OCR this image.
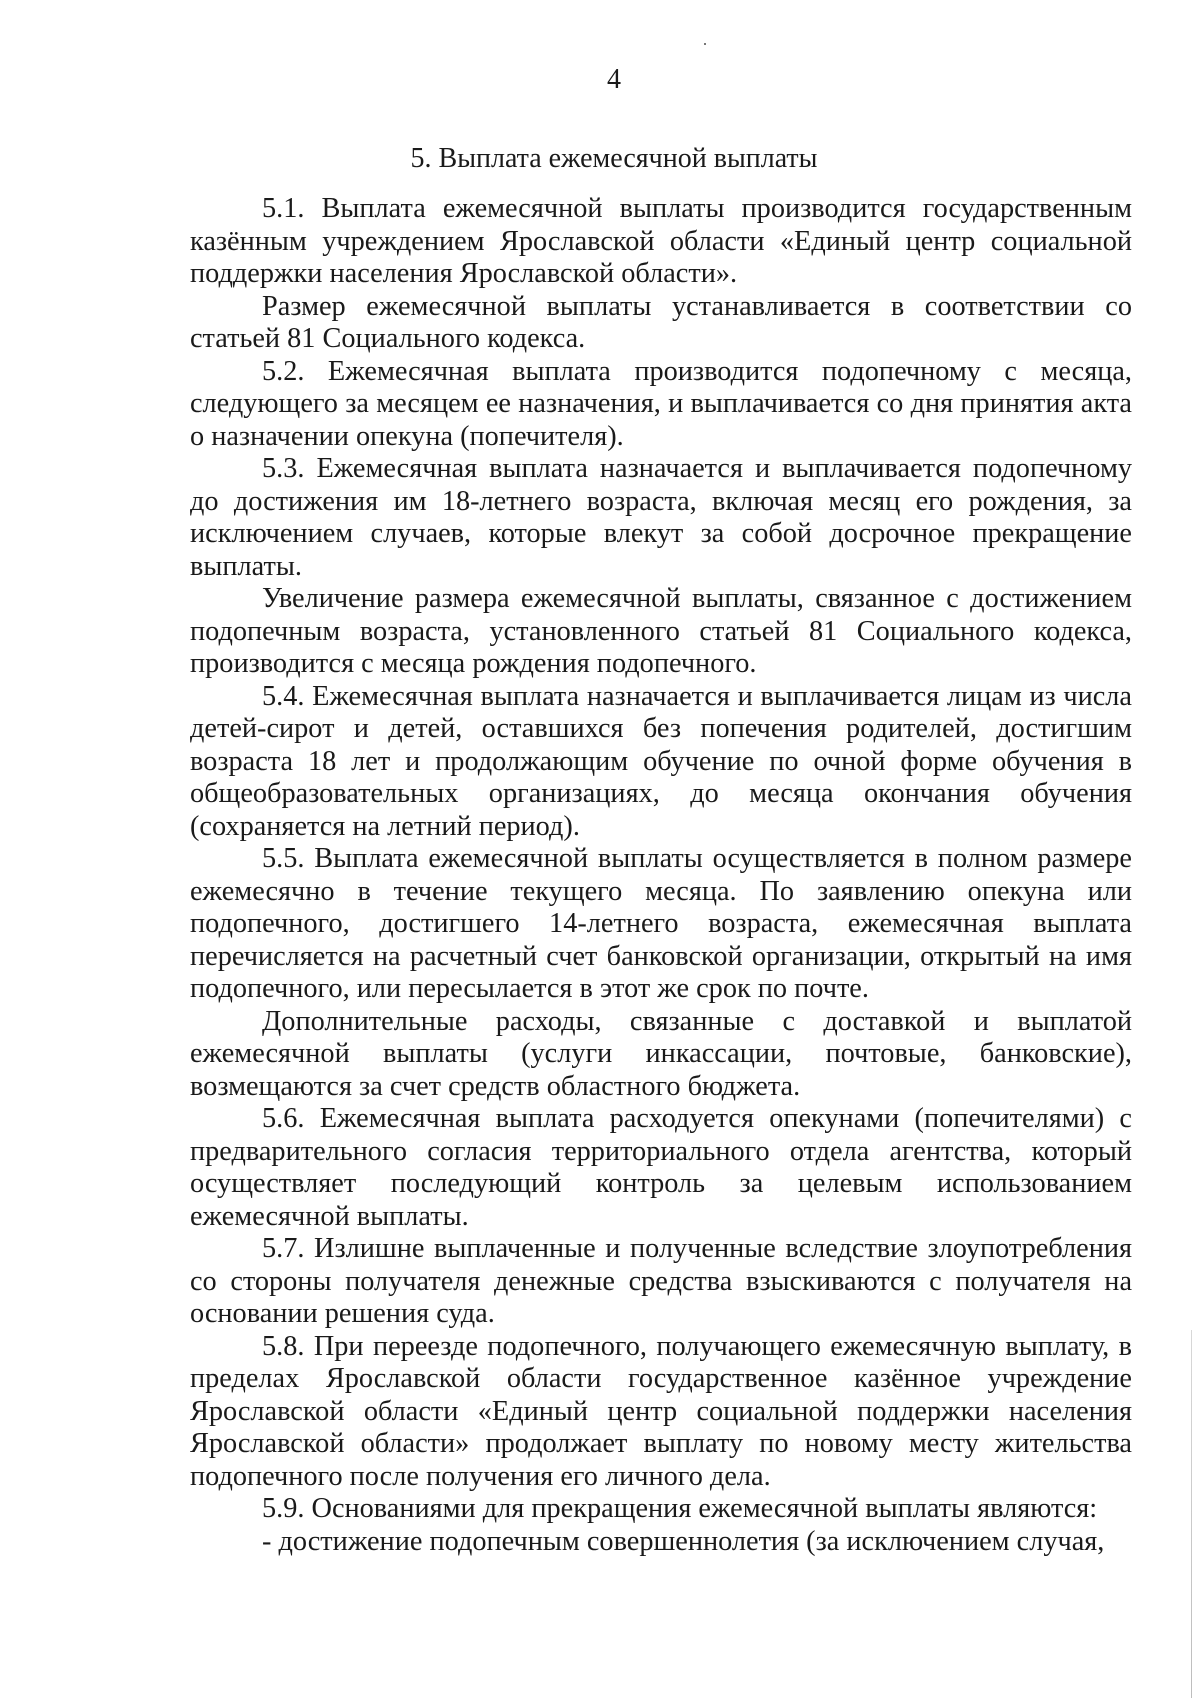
4
5. Выплата ежемесячной выплаты

5.1. Выплата ежемесячной выплаты производится государственным казённым учреждением Ярославской области «Единый центр социальной поддержки населения Ярославской области».

Размер ежемесячной выплаты устанавливается в соответствии со статьей 81 Социального кодекса.

5.2. Ежемесячная выплата производится подопечному с месяца, следующего за месяцем ее назначения, и выплачивается со дня принятия акта о назначении опекуна (попечителя).

5.3. Ежемесячная выплата назначается и выплачивается подопечному до достижения им 18-летнего возраста, включая месяц его рождения, за исключением случаев, которые влекут за собой досрочное прекращение выплаты.

Увеличение размера ежемесячной выплаты, связанное с достижением подопечным возраста, установленного статьей 81 Социального кодекса, производится с месяца рождения подопечного.

5.4. Ежемесячная выплата назначается и выплачивается лицам из числа детей-сирот и детей, оставшихся без попечения родителей, достигшим возраста 18 лет и продолжающим обучение по очной форме обучения в общеобразовательных организациях, до месяца окончания обучения (сохраняется на летний период).

5.5. Выплата ежемесячной выплаты осуществляется в полном размере ежемесячно в течение текущего месяца. По заявлению опекуна или подопечного, достигшего 14-летнего возраста, ежемесячная выплата перечисляется на расчетный счет банковской организации, открытый на имя подопечного, или пересылается в этот же срок по почте.

Дополнительные расходы, связанные с доставкой и выплатой ежемесячной выплаты (услуги инкассации, почтовые, банковские), возмещаются за счет средств областного бюджета.

5.6. Ежемесячная выплата расходуется опекунами (попечителями) с предварительного согласия территориального отдела агентства, который осуществляет последующий контроль за целевым использованием ежемесячной выплаты.

5.7. Излишне выплаченные и полученные вследствие злоупотребления со стороны получателя денежные средства взыскиваются с получателя на основании решения суда.

5.8. При переезде подопечного, получающего ежемесячную выплату, в пределах Ярославской области государственное казённое учреждение Ярославской области «Единый центр социальной поддержки населения Ярославской области» продолжает выплату по новому месту жительства подопечного после получения его личного дела.

5.9. Основаниями для прекращения ежемесячной выплаты являются:

- достижение подопечным совершеннолетия (за исключением случая,
